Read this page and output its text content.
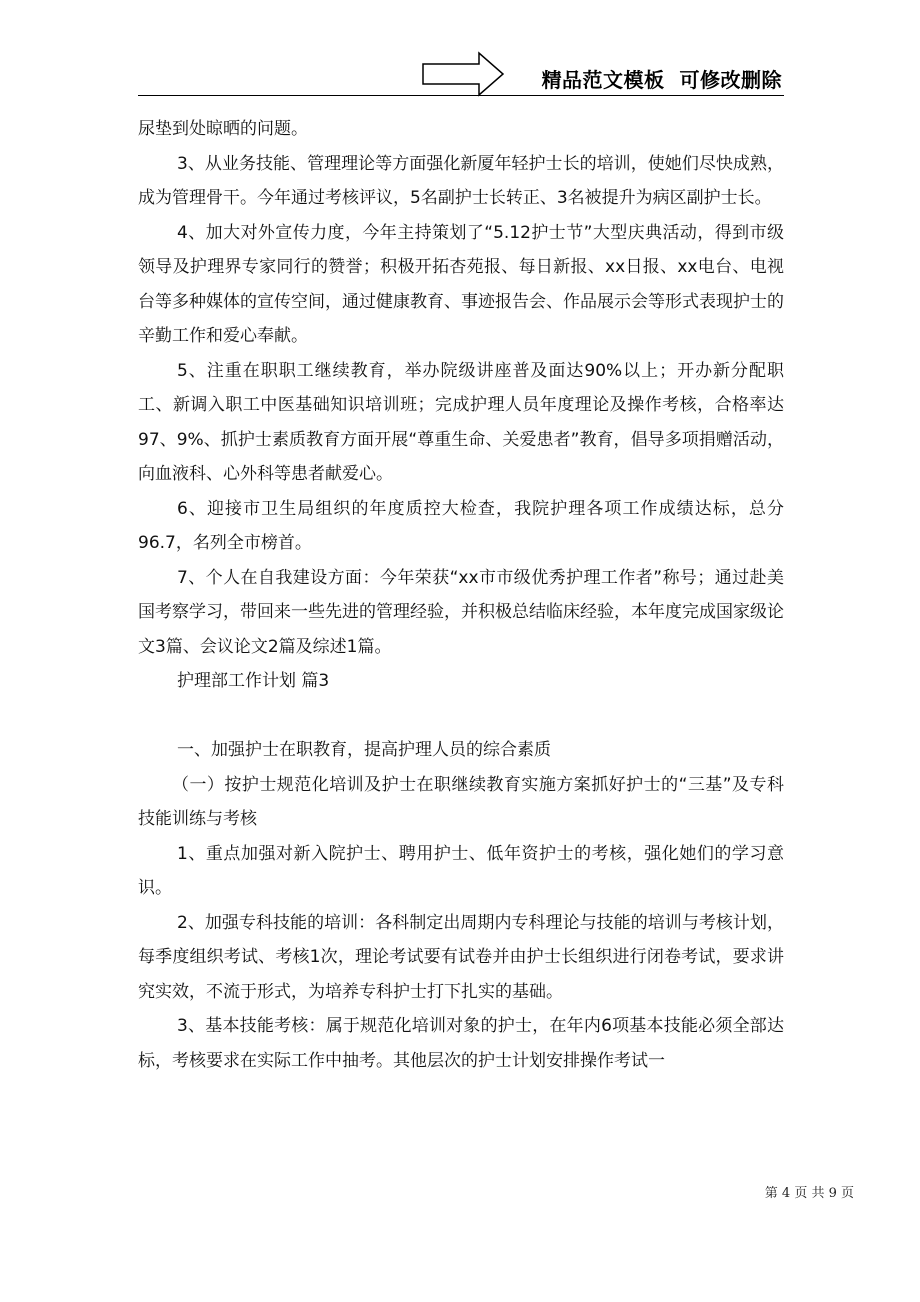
精品范文模板  可修改删除

尿垫到处晾晒的问题。

3、从业务技能、管理理论等方面强化新厦年轻护士长的培训，使她们尽快成熟，成为管理骨干。今年通过考核评议，5名副护士长转正、3名被提升为病区副护士长。

4、加大对外宣传力度，今年主持策划了“5.12护士节”大型庆典活动，得到市级领导及护理界专家同行的赞誉；积极开拓杏苑报、每日新报、xx日报、xx电台、电视台等多种媒体的宣传空间，通过健康教育、事迹报告会、作品展示会等形式表现护士的辛勤工作和爱心奉献。

5、注重在职职工继续教育，举办院级讲座普及面达90%以上；开办新分配职工、新调入职工中医基础知识培训班；完成护理人员年度理论及操作考核，合格率达97、9%、抓护士素质教育方面开展“尊重生命、关爱患者”教育，倡导多项捐赠活动，向血液科、心外科等患者献爱心。

6、迎接市卫生局组织的年度质控大检查，我院护理各项工作成绩达标，总分96.7，名列全市榜首。

7、个人在自我建设方面：今年荣获“xx市市级优秀护理工作者”称号；通过赴美国考察学习，带回来一些先进的管理经验，并积极总结临床经验，本年度完成国家级论文3篇、会议论文2篇及综述1篇。

护理部工作计划 篇3

一、加强护士在职教育，提高护理人员的综合素质

（一）按护士规范化培训及护士在职继续教育实施方案抓好护士的“三基”及专科技能训练与考核

1、重点加强对新入院护士、聘用护士、低年资护士的考核，强化她们的学习意识。

2、加强专科技能的培训：各科制定出周期内专科理论与技能的培训与考核计划，每季度组织考试、考核1次，理论考试要有试卷并由护士长组织进行闭卷考试，要求讲究实效，不流于形式，为培养专科护士打下扎实的基础。

3、基本技能考核：属于规范化培训对象的护士，在年内6项基本技能必须全部达标，考核要求在实际工作中抽考。其他层次的护士计划安排操作考试一

第 4 页 共 9 页
